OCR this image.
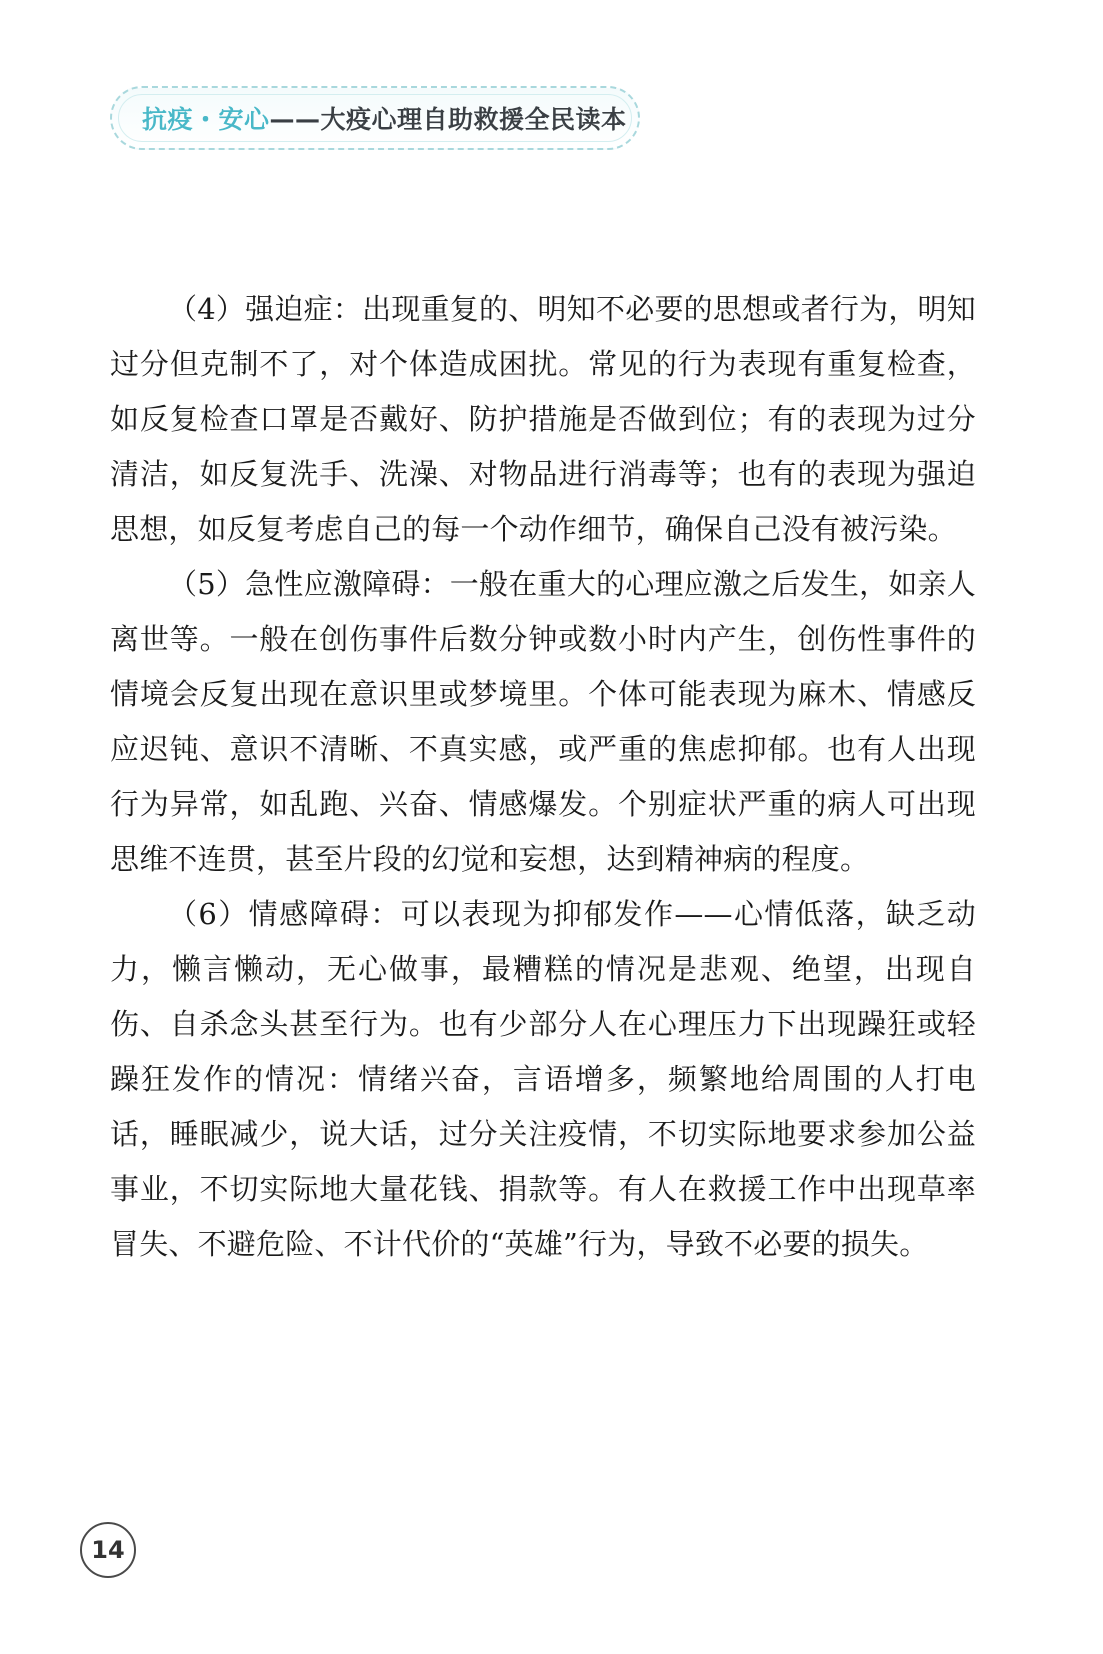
抗疫・安心——大疫心理自助救援全民读本

（4）强迫症：出现重复的、明知不必要的思想或者行为，明知过分但克制不了，对个体造成困扰。常见的行为表现有重复检查，如反复检查口罩是否戴好、防护措施是否做到位；有的表现为过分清洁，如反复洗手、洗澡、对物品进行消毒等；也有的表现为强迫思想，如反复考虑自己的每一个动作细节，确保自己没有被污染。

（5）急性应激障碍：一般在重大的心理应激之后发生，如亲人离世等。一般在创伤事件后数分钟或数小时内产生，创伤性事件的情境会反复出现在意识里或梦境里。个体可能表现为麻木、情感反应迟钝、意识不清晰、不真实感，或严重的焦虑抑郁。也有人出现行为异常，如乱跑、兴奋、情感爆发。个别症状严重的病人可出现思维不连贯，甚至片段的幻觉和妄想，达到精神病的程度。

（6）情感障碍：可以表现为抑郁发作——心情低落，缺乏动力，懒言懒动，无心做事，最糟糕的情况是悲观、绝望，出现自伤、自杀念头甚至行为。也有少部分人在心理压力下出现躁狂或轻躁狂发作的情况：情绪兴奋，言语增多，频繁地给周围的人打电话，睡眠减少，说大话，过分关注疫情，不切实际地要求参加公益事业，不切实际地大量花钱、捐款等。有人在救援工作中出现草率冒失、不避危险、不计代价的“英雄”行为，导致不必要的损失。

14
